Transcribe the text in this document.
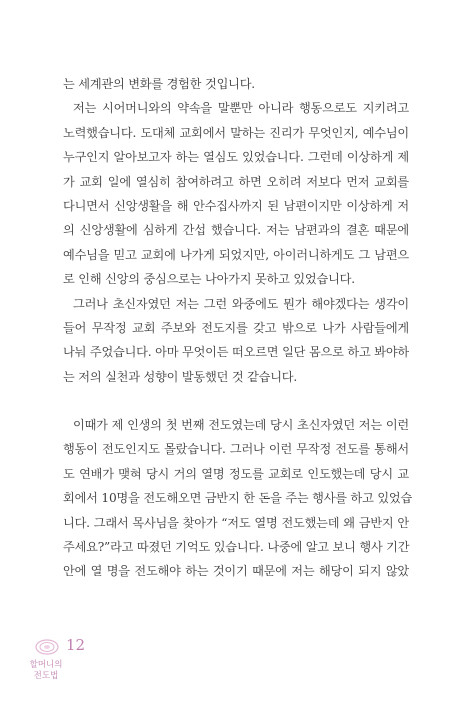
는 세계관의 변화를 경험한 것입니다.

저는 시어머니와의 약속을 말뿐만 아니라 행동으로도 지키려고
노력했습니다. 도대체 교회에서 말하는 진리가 무엇인지, 예수님이
누구인지 알아보고자 하는 열심도 있었습니다. 그런데 이상하게 제
가 교회 일에 열심히 참여하려고 하면 오히려 저보다 먼저 교회를
다니면서 신앙생활을 해 안수집사까지 된 남편이지만 이상하게 저
의 신앙생활에 심하게 간섭 했습니다. 저는 남편과의 결혼 때문에
예수님을 믿고 교회에 나가게 되었지만, 아이러니하게도 그 남편으
로 인해 신앙의 중심으로는 나아가지 못하고 있었습니다.

그러나 초신자였던 저는 그런 와중에도 뭔가 해야겠다는 생각이
들어 무작정 교회 주보와 전도지를 갖고 밖으로 나가 사람들에게
나눠 주었습니다. 아마 무엇이든 떠오르면 일단 몸으로 하고 봐야하
는 저의 실천과 성향이 발동했던 것 같습니다.

이때가 제 인생의 첫 번째 전도였는데 당시 초신자였던 저는 이런
행동이 전도인지도 몰랐습니다. 그러나 이런 무작정 전도를 통해서
도 연배가 맺혀 당시 거의 열명 정도를 교회로 인도했는데 당시 교
회에서 10명을 전도해오면 금반지 한 돈을 주는 행사를 하고 있었습
니다. 그래서 목사님을 찾아가 “저도 열명 전도했는데 왜 금반지 안
주세요?”라고 따졌던 기억도 있습니다. 나중에 알고 보니 행사 기간
안에 열 명을 전도해야 하는 것이기 때문에 저는 해당이 되지 않았

12
할머니의
전도법
